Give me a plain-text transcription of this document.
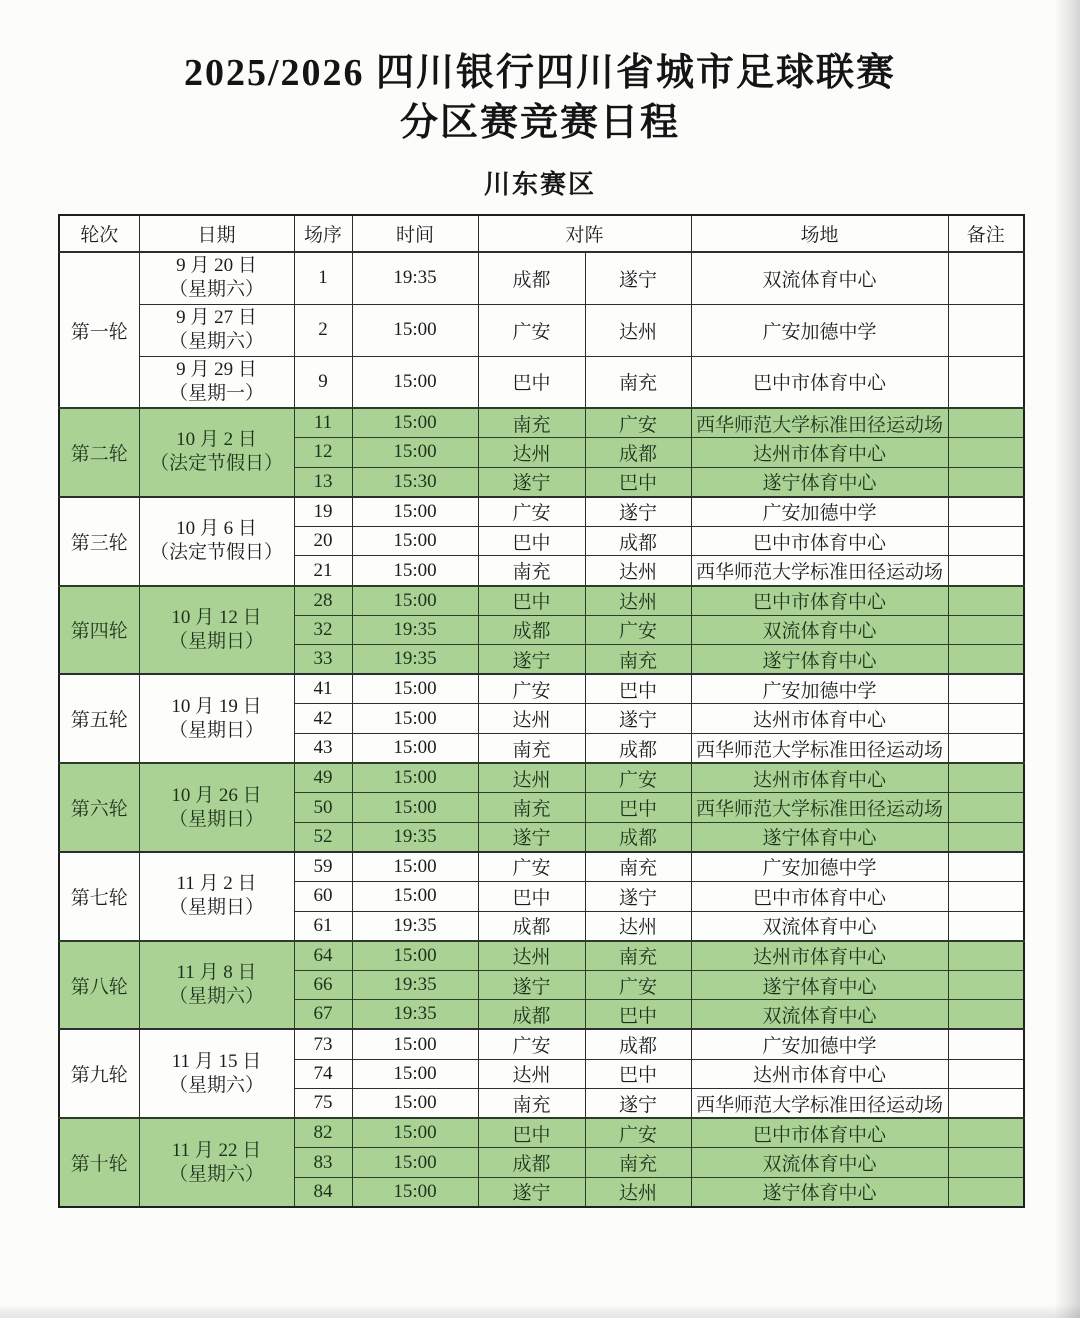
2025/2026 四川银行四川省城市足球联赛
分区赛竞赛日程
川东赛区
轮次	日期	场序	时间	对阵		场地	备注
第一轮	9 月 20 日
（星期六）	1	19:35	成都	遂宁	双流体育中心	

	9 月 27 日
（星期六）	2	15:00	广安	达州	广安加德中学	

	9 月 29 日
（星期一）	9	15:00	巴中	南充	巴中市体育中心	
第二轮	10 月 2 日
（法定节假日）	11	15:00	南充	广安	西华师范大学标准田径运动场	
		12	15:00	达州	成都	达州市体育中心	
		13	15:30	遂宁	巴中	遂宁体育中心	
第三轮	10 月 6 日
（法定节假日）	19	15:00	广安	遂宁	广安加德中学	
		20	15:00	巴中	成都	巴中市体育中心	
		21	15:00	南充	达州	西华师范大学标准田径运动场	
第四轮	10 月 12 日
（星期日）	28	15:00	巴中	达州	巴中市体育中心	
		32	19:35	成都	广安	双流体育中心	
		33	19:35	遂宁	南充	遂宁体育中心	
第五轮	10 月 19 日
（星期日）	41	15:00	广安	巴中	广安加德中学	
		42	15:00	达州	遂宁	达州市体育中心	
		43	15:00	南充	成都	西华师范大学标准田径运动场	
第六轮	10 月 26 日
（星期日）	49	15:00	达州	广安	达州市体育中心	
		50	15:00	南充	巴中	西华师范大学标准田径运动场	
		52	19:35	遂宁	成都	遂宁体育中心	
第七轮	11 月 2 日
（星期日）	59	15:00	广安	南充	广安加德中学	
		60	15:00	巴中	遂宁	巴中市体育中心	
		61	19:35	成都	达州	双流体育中心	
第八轮	11 月 8 日
（星期六）	64	15:00	达州	南充	达州市体育中心	
		66	19:35	遂宁	广安	遂宁体育中心	
		67	19:35	成都	巴中	双流体育中心	
第九轮	11 月 15 日
（星期六）	73	15:00	广安	成都	广安加德中学	
		74	15:00	达州	巴中	达州市体育中心	
		75	15:00	南充	遂宁	西华师范大学标准田径运动场	
第十轮	11 月 22 日
（星期六）	82	15:00	巴中	广安	巴中市体育中心	
		83	15:00	成都	南充	双流体育中心	
		84	15:00	遂宁	达州	遂宁体育中心	
